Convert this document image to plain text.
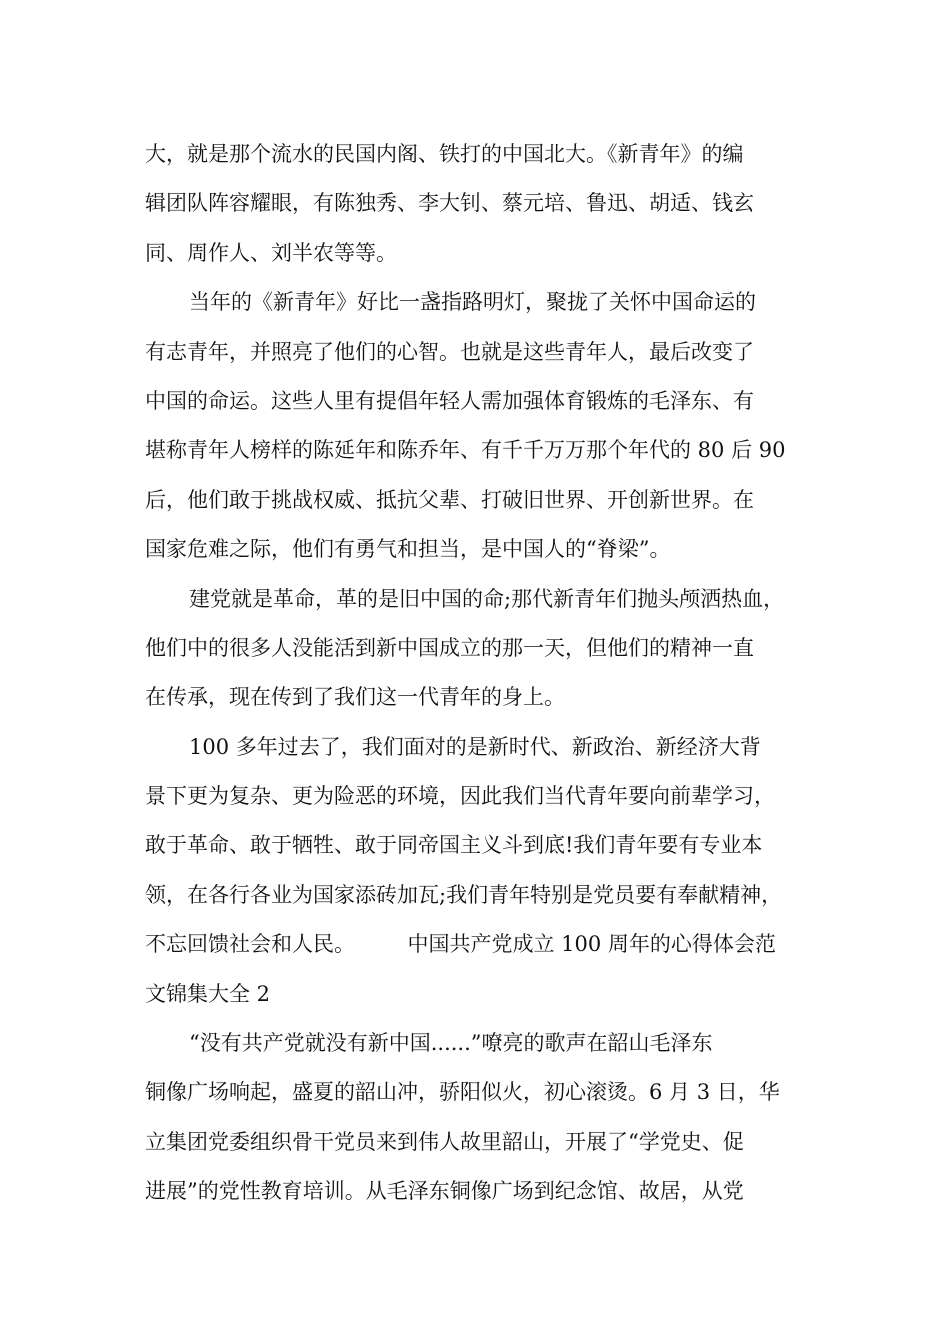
大，就是那个流水的民国内阁、铁打的中国北大。《新青年》的编
辑团队阵容耀眼，有陈独秀、李大钊、蔡元培、鲁迅、胡适、钱玄
同、周作人、刘半农等等。
当年的《新青年》好比一盏指路明灯，聚拢了关怀中国命运的
有志青年，并照亮了他们的心智。也就是这些青年人，最后改变了
中国的命运。这些人里有提倡年轻人需加强体育锻炼的毛泽东、有
堪称青年人榜样的陈延年和陈乔年、有千千万万那个年代的 80 后 90
后，他们敢于挑战权威、抵抗父辈、打破旧世界、开创新世界。在
国家危难之际，他们有勇气和担当，是中国人的“脊梁”。
建党就是革命，革的是旧中国的命;那代新青年们抛头颅洒热血，
他们中的很多人没能活到新中国成立的那一天，但他们的精神一直
在传承，现在传到了我们这一代青年的身上。
100 多年过去了，我们面对的是新时代、新政治、新经济大背
景下更为复杂、更为险恶的环境，因此我们当代青年要向前辈学习，
敢于革命、敢于牺牲、敢于同帝国主义斗到底!我们青年要有专业本
领，在各行各业为国家添砖加瓦;我们青年特别是党员要有奉献精神，
不忘回馈社会和人民。　　　中国共产党成立 100 周年的心得体会范
文锦集大全 2
“没有共产党就没有新中国......”嘹亮的歌声在韶山毛泽东
铜像广场响起，盛夏的韶山冲，骄阳似火，初心滚烫。6 月 3 日，华
立集团党委组织骨干党员来到伟人故里韶山，开展了“学党史、促
进展”的党性教育培训。从毛泽东铜像广场到纪念馆、故居，从党
